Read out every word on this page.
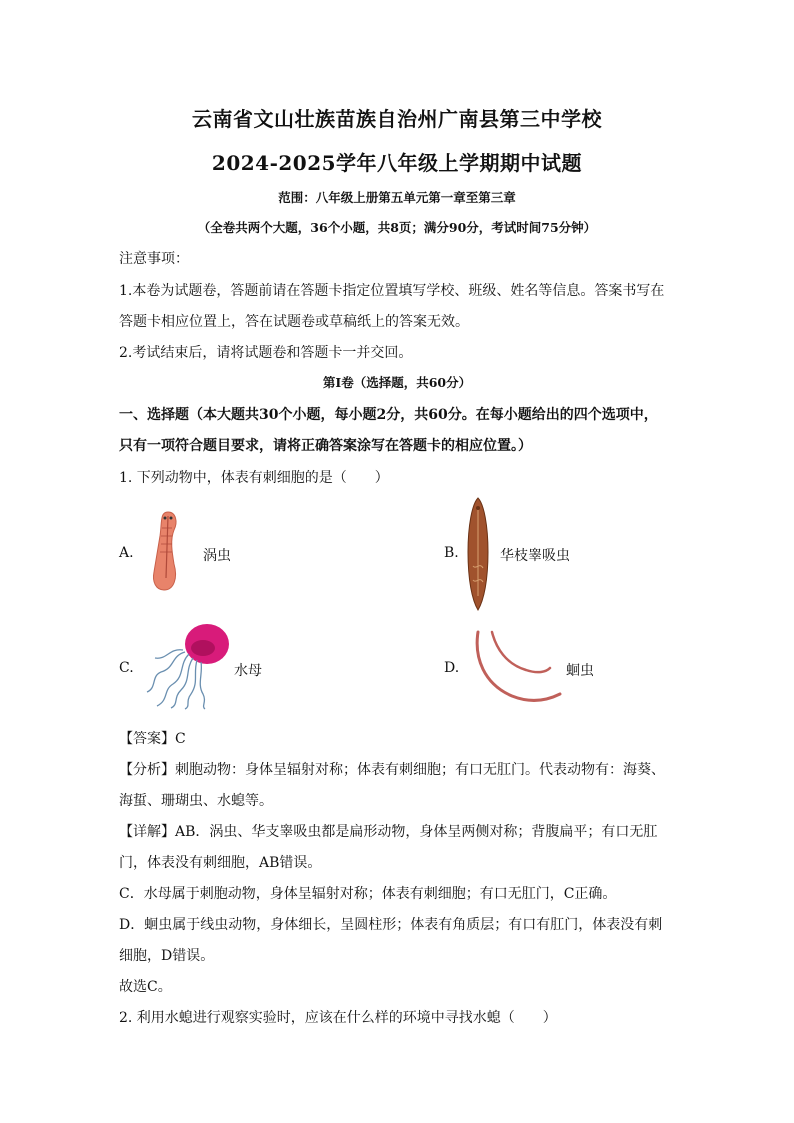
云南省文山壮族苗族自治州广南县第三中学校
2024-2025学年八年级上学期期中试题
范围：八年级上册第五单元第一章至第三章
（全卷共两个大题，36个小题，共8页；满分90分，考试时间75分钟）
注意事项：
1.本卷为试题卷，答题前请在答题卡指定位置填写学校、班级、姓名等信息。答案书写在
答题卡相应位置上，答在试题卷或草稿纸上的答案无效。
2.考试结束后，请将试题卷和答题卡一并交回。
第I卷（选择题，共60分）
一、选择题（本大题共30个小题，每小题2分，共60分。在每小题给出的四个选项中，
只有一项符合题目要求，请将正确答案涂写在答题卡的相应位置。）
1. 下列动物中，体表有刺细胞的是（　　）
A.	涡虫	B.	华枝睾吸虫
C.	水母	D.	蛔虫
【答案】C
【分析】刺胞动物：身体呈辐射对称；体表有刺细胞；有口无肛门。代表动物有：海葵、
海蜇、珊瑚虫、水螅等。
【详解】AB．涡虫、华支睾吸虫都是扁形动物，身体呈两侧对称；背腹扁平；有口无肛
门，体表没有刺细胞，AB错误。
C．水母属于刺胞动物，身体呈辐射对称；体表有刺细胞；有口无肛门，C正确。
D．蛔虫属于线虫动物，身体细长，呈圆柱形；体表有角质层；有口有肛门，体表没有刺
细胞，D错误。
故选C。
2. 利用水螅进行观察实验时，应该在什么样的环境中寻找水螅（　　）
